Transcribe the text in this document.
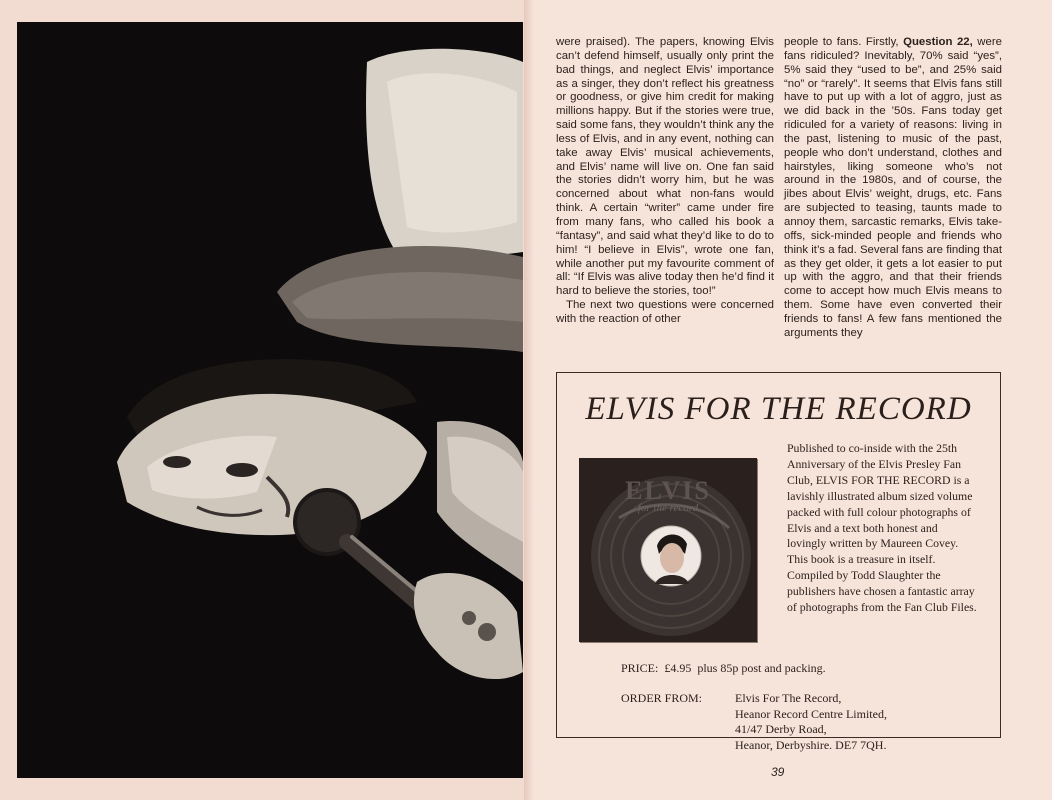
were praised). The papers, knowing Elvis can’t defend himself, usually only print the bad things, and neglect Elvis’ importance as a singer, they don’t reflect his greatness or goodness, or give him credit for making millions happy. But if the stories were true, said some fans, they wouldn’t think any the less of Elvis, and in any event, nothing can take away Elvis’ musical achievements, and Elvis’ name will live on. One fan said the stories didn’t worry him, but he was concerned about what non-fans would think. A certain “writer” came under fire from many fans, who called his book a “fantasy”, and said what they’d like to do to him! “I believe in Elvis”, wrote one fan, while another put my favourite comment of all: “If Elvis was alive today then he’d find it hard to believe the stories, too!”

The next two questions were concerned with the reaction of other

people to fans. Firstly, Question 22, were fans ridiculed? Inevitably, 70% said “yes”, 5% said they “used to be”, and 25% said “no” or “rarely”. It seems that Elvis fans still have to put up with a lot of aggro, just as we did back in the ’50s. Fans today get ridiculed for a variety of reasons: living in the past, listening to music of the past, people who don’t understand, clothes and hairstyles, liking someone who’s not around in the 1980s, and of course, the jibes about Elvis’ weight, drugs, etc. Fans are subjected to teasing, taunts made to annoy them, sarcastic remarks, Elvis take-offs, sick-minded people and friends who think it’s a fad. Several fans are finding that as they get older, it gets a lot easier to put up with the aggro, and that their friends come to accept how much Elvis means to them. Some have even converted their friends to fans! A few fans mentioned the arguments they

ELVIS FOR THE RECORD
ELVIS
for the record
Published to co-inside with the 25th Anniversary of the Elvis Presley Fan Club, ELVIS FOR THE RECORD is a lavishly illustrated album sized volume packed with full colour photographs of Elvis and a text both honest and lovingly written by Maureen Covey. This book is a treasure in itself. Compiled by Todd Slaughter the publishers have chosen a fantastic array of photographs from the Fan Club Files.
PRICE: £4.95 plus 85p post and packing.
ORDER FROM:	Elvis For The Record,
Heanor Record Centre Limited,
41/47 Derby Road,
Heanor, Derbyshire. DE7 7QH.
39
